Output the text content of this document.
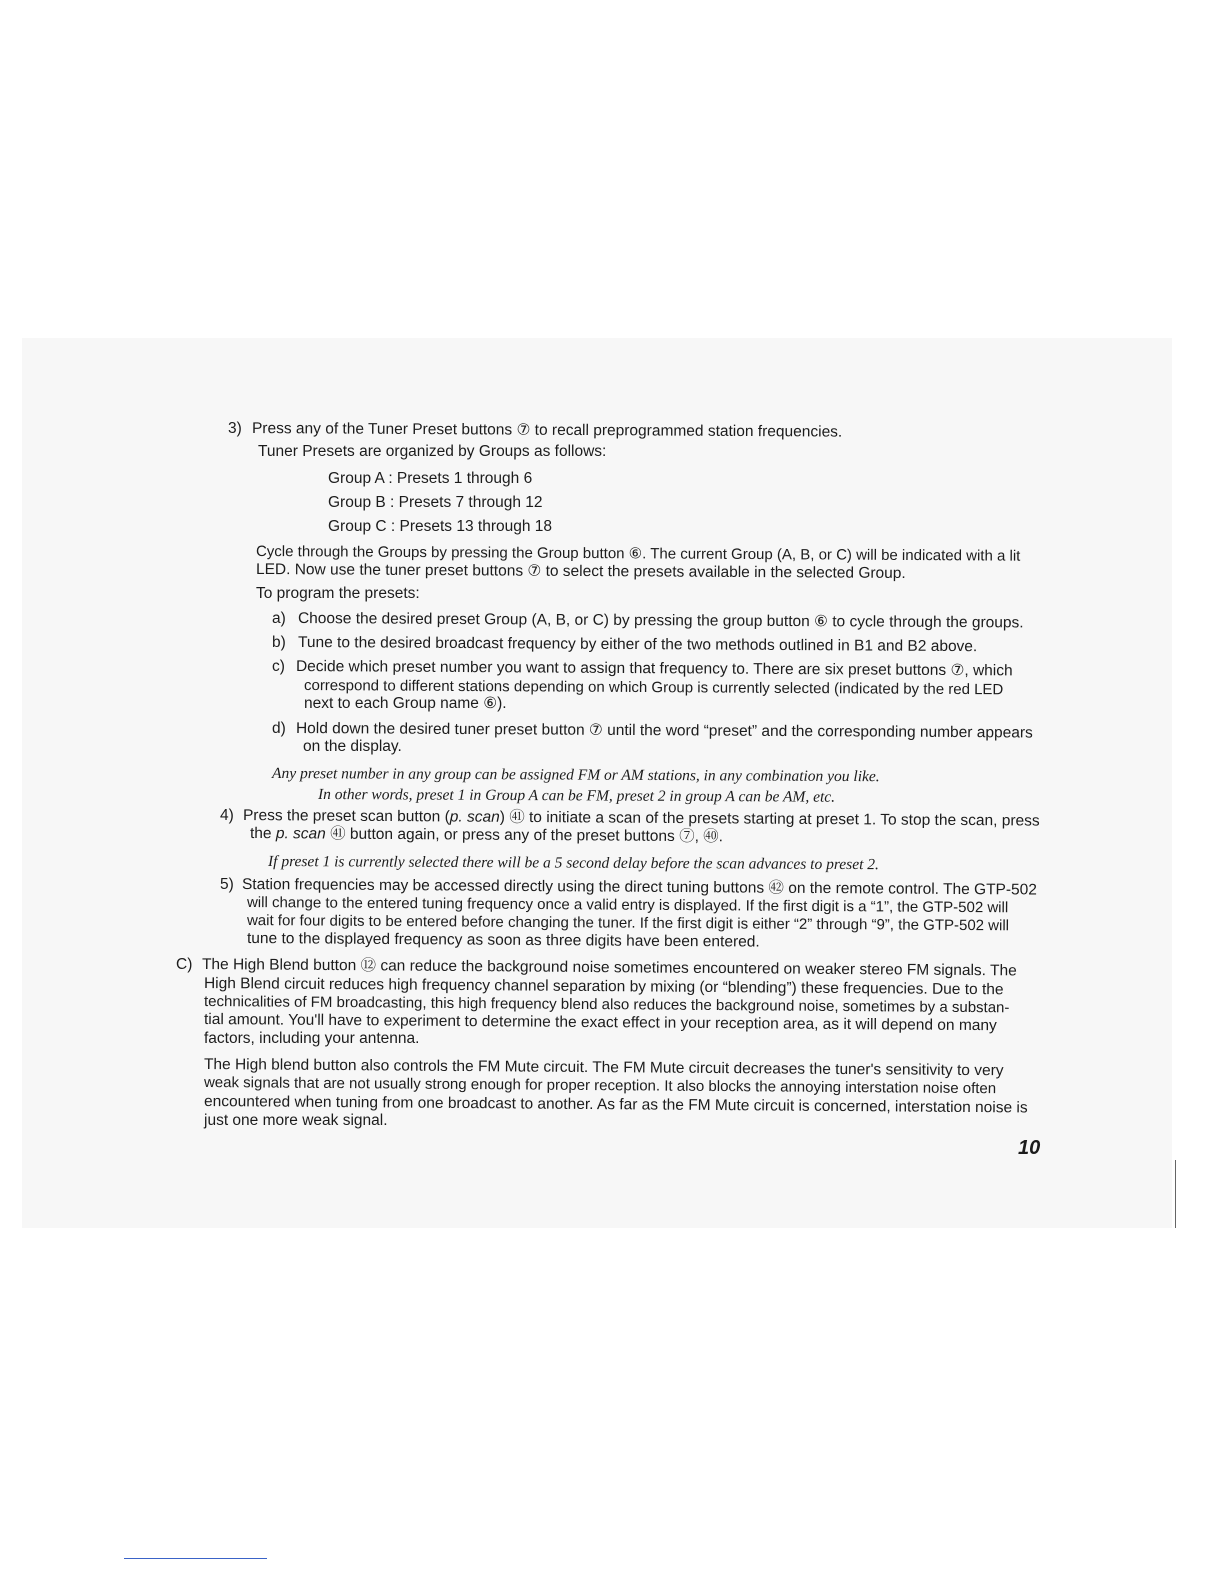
3) Press any of the Tuner Preset buttons ⑦ to recall preprogrammed station frequencies.
Tuner Presets are organized by Groups as follows:
Group A : Presets 1 through 6
Group B : Presets 7 through 12
Group C : Presets 13 through 18
Cycle through the Groups by pressing the Group button ⑥. The current Group (A, B, or C) will be indicated with a lit
LED. Now use the tuner preset buttons ⑦ to select the presets available in the selected Group.
To program the presets:
a) Choose the desired preset Group (A, B, or C) by pressing the group button ⑥ to cycle through the groups.
b) Tune to the desired broadcast frequency by either of the two methods outlined in B1 and B2 above.
c) Decide which preset number you want to assign that frequency to. There are six preset buttons ⑦, which
correspond to different stations depending on which Group is currently selected (indicated by the red LED
next to each Group name ⑥).
d) Hold down the desired tuner preset button ⑦ until the word “preset” and the corresponding number appears
on the display.
Any preset number in any group can be assigned FM or AM stations, in any combination you like.
In other words, preset 1 in Group A can be FM, preset 2 in group A can be AM, etc.
4) Press the preset scan button (p. scan) ㊶ to initiate a scan of the presets starting at preset 1. To stop the scan, press
the p. scan ㊶ button again, or press any of the preset buttons ⑦, ㊵.
If preset 1 is currently selected there will be a 5 second delay before the scan advances to preset 2.
5) Station frequencies may be accessed directly using the direct tuning buttons ㊷ on the remote control. The GTP-502
will change to the entered tuning frequency once a valid entry is displayed. If the first digit is a “1”, the GTP-502 will
wait for four digits to be entered before changing the tuner. If the first digit is either “2” through “9”, the GTP-502 will
tune to the displayed frequency as soon as three digits have been entered.
C) The High Blend button ⑫ can reduce the background noise sometimes encountered on weaker stereo FM signals. The
High Blend circuit reduces high frequency channel separation by mixing (or “blending”) these frequencies. Due to the
technicalities of FM broadcasting, this high frequency blend also reduces the background noise, sometimes by a substan-
tial amount. You'll have to experiment to determine the exact effect in your reception area, as it will depend on many
factors, including your antenna.
The High blend button also controls the FM Mute circuit. The FM Mute circuit decreases the tuner's sensitivity to very
weak signals that are not usually strong enough for proper reception. It also blocks the annoying interstation noise often
encountered when tuning from one broadcast to another. As far as the FM Mute circuit is concerned, interstation noise is
just one more weak signal.
10
